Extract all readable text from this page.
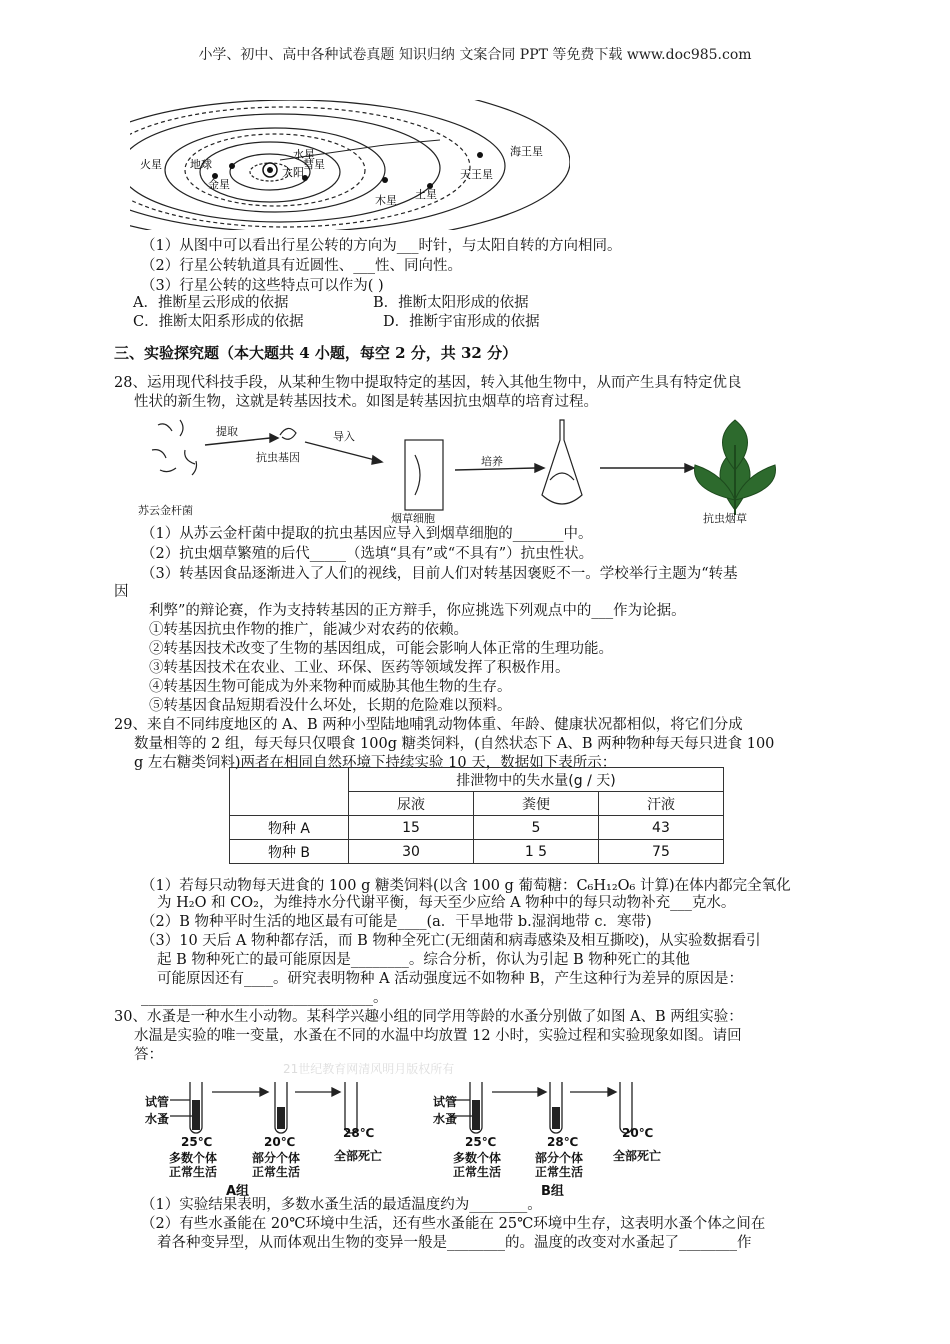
小学、初中、高中各种试卷真题 知识归纳 文案合同 PPT 等免费下载 www.doc985.com
彗星
水星	海王星
火星	地球
金星
太阳	天王星
土星
木星
（1）从图中可以看出行星公转的方向为___时针，与太阳自转的方向相同。
（2）行星公转轨道具有近圆性、___性、同向性。
（3）行星公转的这些特点可以作为( )
A．推断星云形成的依据	B．推断太阳形成的依据
C．推断太阳系形成的依据	D．推断宇宙形成的依据
三、实验探究题（本大题共 4 小题，每空 2 分，共 32 分）
28、运用现代科技手段，从某种生物中提取特定的基因，转入其他生物中，从而产生具有特定优良
性状的新生物，这就是转基因技术。如图是转基因抗虫烟草的培育过程。
提取	导入
抗虫基因	培养
苏云金杆菌
烟草细胞	抗虫烟草
（1）从苏云金杆菌中提取的抗虫基因应导入到烟草细胞的_______中。
（2）抗虫烟草繁殖的后代_____（选填“具有”或“不具有”）抗虫性状。
（3）转基因食品逐渐进入了人们的视线，目前人们对转基因褒贬不一。学校举行主题为“转基
因
利弊”的辩论赛，作为支持转基因的正方辩手，你应挑选下列观点中的___作为论据。
①转基因抗虫作物的推广，能减少对农药的依赖。
②转基因技术改变了生物的基因组成，可能会影响人体正常的生理功能。
③转基因技术在农业、工业、环保、医药等领域发挥了积极作用。
④转基因生物可能成为外来物种而威胁其他生物的生存。
⑤转基因食品短期看没什么坏处，长期的危险难以预料。
29、来自不同纬度地区的 A、B 两种小型陆地哺乳动物体重、年龄、健康状况都相似，将它们分成
数量相等的 2 组，每天每只仅喂食 100g 糖类饲料，(自然状态下 A、B 两种物种每天每只进食 100
g 左右糖类饲料)两者在相同自然环境下持续实验 10 天，数据如下表所示：
	排泄物中的失水量(g / 天)		
	尿液	粪便	汗液
物种 A	15	5	43
物种 B	30	1 5	75
（1）若每只动物每天进食的 100 g 糖类饲料(以含 100 g 葡萄糖：C₆H₁₂O₆ 计算)在体内都完全氧化
为 H₂O 和 CO₂，为维持水分代谢平衡，每天至少应给 A 物种中的每只动物补充___克水。
（2）B 物种平时生活的地区最有可能是____(a．干旱地带 b.湿润地带 c．寒带)
（3）10 天后 A 物种都存活，而 B 物种全死亡(无细菌和病毒感染及相互撕咬)，从实验数据看引
起 B 物种死亡的最可能原因是________。综合分析，你认为引起 B 物种死亡的其他
可能原因还有____。研究表明物种 A 活动强度远不如物种 B，产生这种行为差异的原因是：
________________________________。
30、水蚤是一种水生小动物。某科学兴趣小组的同学用等龄的水蚤分别做了如图 A、B 两组实验：
水温是实验的唯一变量，水蚤在不同的水温中均放置 12 小时，实验过程和实验现象如图。请回
答：
21世纪教育网清风明月版权所有
试管
水蚤
25℃
多数个体
正常生活
20℃
部分个体
正常生活
28℃
全部死亡
A组
试管
水蚤
25℃
多数个体
正常生活
28℃
部分个体
正常生活
20℃
全部死亡
B组
（1）实验结果表明，多数水蚤生活的最适温度约为________。
（2）有些水蚤能在 20℃环境中生活，还有些水蚤能在 25℃环境中生存，这表明水蚤个体之间在
着各种变异型，从而体观出生物的变异一般是________的。温度的改变对水蚤起了________作
